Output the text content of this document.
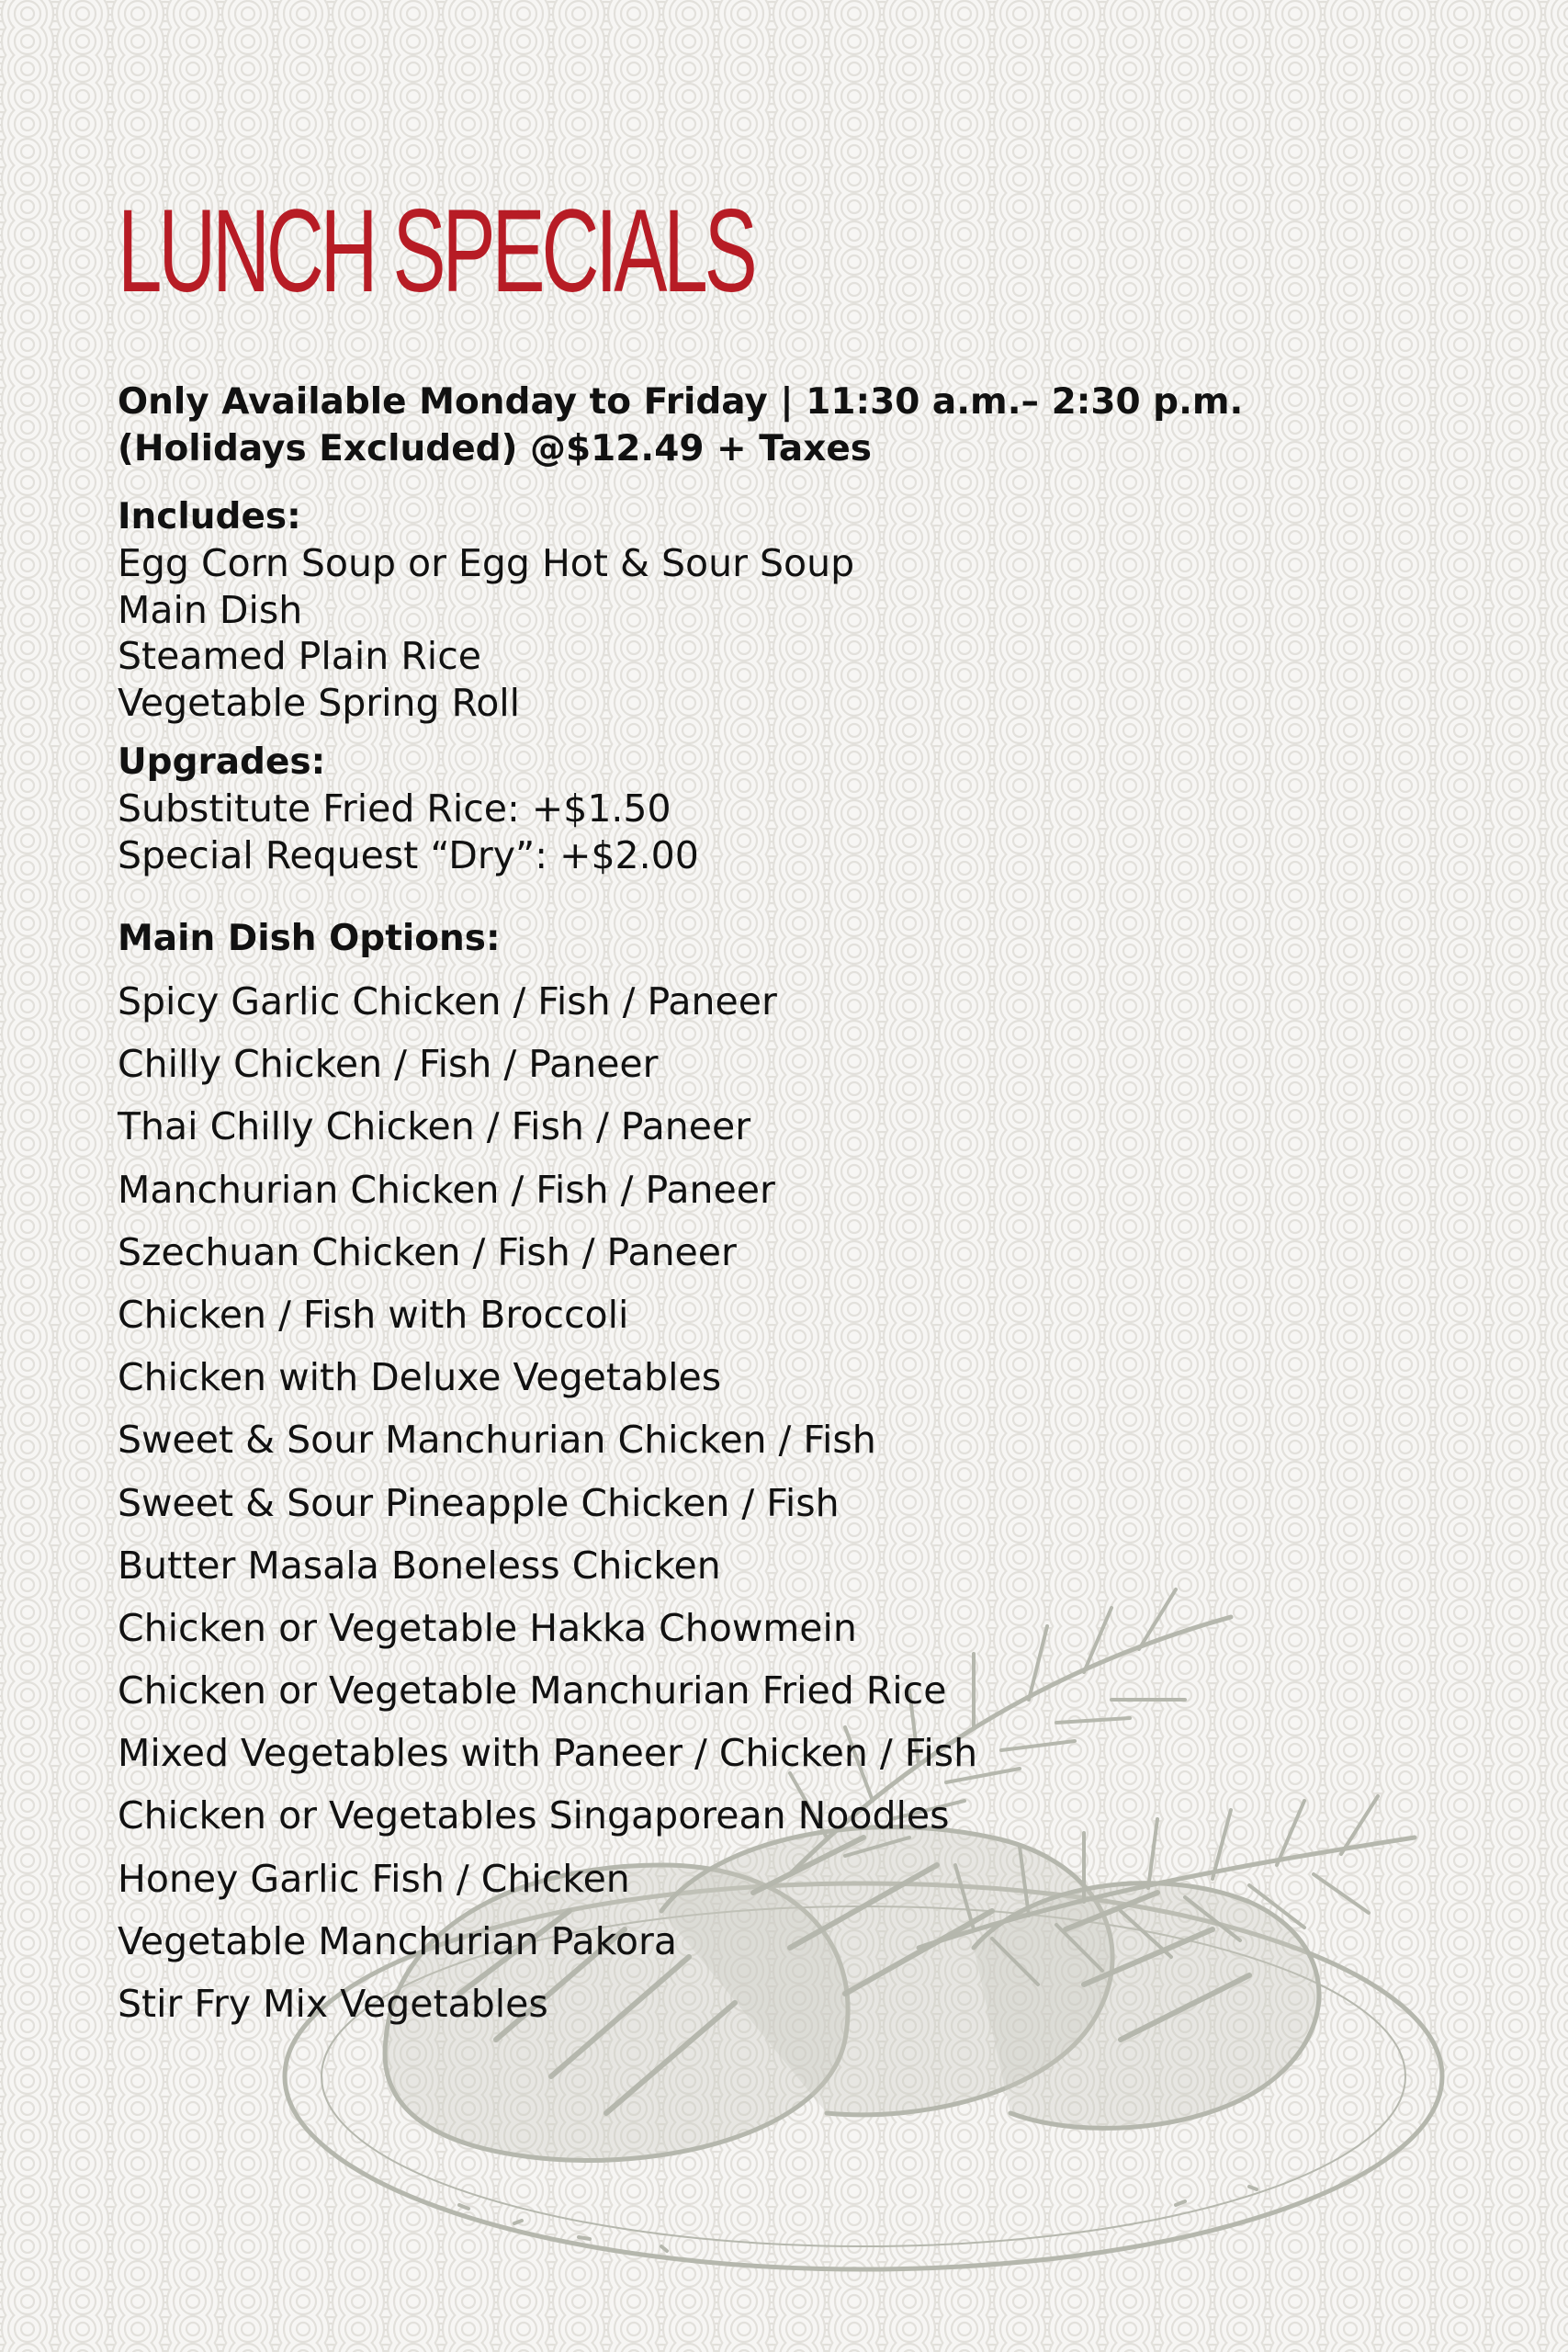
LUNCH SPECIALS
Only Available Monday to Friday | 11:30 a.m.– 2:30 p.m.
(Holidays Excluded) @$12.49 + Taxes
Includes:
Egg Corn Soup or Egg Hot & Sour Soup
Main Dish
Steamed Plain Rice
Vegetable Spring Roll
Upgrades:
Substitute Fried Rice: +$1.50
Special Request “Dry”: +$2.00
Main Dish Options:
Spicy Garlic Chicken / Fish / Paneer
Chilly Chicken / Fish / Paneer
Thai Chilly Chicken / Fish / Paneer
Manchurian Chicken / Fish / Paneer
Szechuan Chicken / Fish / Paneer
Chicken / Fish with Broccoli
Chicken with Deluxe Vegetables
Sweet & Sour Manchurian Chicken / Fish
Sweet & Sour Pineapple Chicken / Fish
Butter Masala Boneless Chicken
Chicken or Vegetable Hakka Chowmein
Chicken or Vegetable Manchurian Fried Rice
Mixed Vegetables with Paneer / Chicken / Fish
Chicken or Vegetables Singaporean Noodles
Honey Garlic Fish / Chicken
Vegetable Manchurian Pakora
Stir Fry Mix Vegetables
